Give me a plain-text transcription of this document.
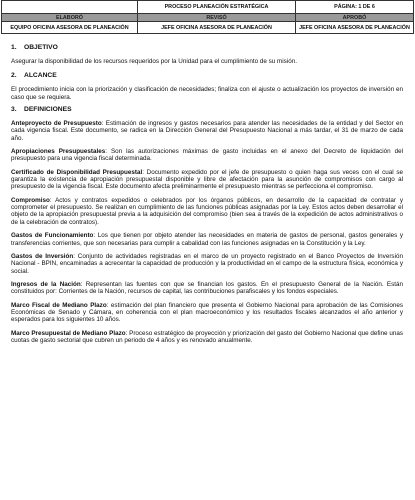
	PROCESO PLANEACIÓN ESTRATÉGICA	PÁGINA: 1 DE 6
ELABORÓ	REVISÓ	APROBÓ
EQUIPO OFICINA ASESORA DE PLANEACIÓN	JEFE OFICINA ASESORA DE PLANEACIÓN	JEFE OFICINA ASESORA DE PLANEACIÓN

1. OBJETIVO

Asegurar la disponibilidad de los recursos requeridos por la Unidad para el cumplimiento de su misión.

2. ALCANCE

El procedimiento inicia con la priorización y clasificación de necesidades; finaliza con el ajuste o actualización los proyectos de inversión en caso que se requiera.

3. DEFINICIONES

Anteproyecto de Presupuesto: Estimación de ingresos y gastos necesarios para atender las necesidades de la entidad y del Sector en cada vigencia fiscal. Este documento, se radica en la Dirección General del Presupuesto Nacional a más tardar, el 31 de marzo de cada año.

Apropiaciones Presupuestales: Son las autorizaciones máximas de gasto incluidas en el anexo del Decreto de liquidación del presupuesto para una vigencia fiscal determinada.

Certificado de Disponibilidad Presupuestal: Documento expedido por el jefe de presupuesto o quien haga sus veces con el cual se garantiza la existencia de apropiación presupuestal disponible y libre de afectación para la asunción de compromisos con cargo al presupuesto de la vigencia fiscal. Este documento afecta preliminarmente el presupuesto mientras se perfecciona el compromiso.

Compromiso: Actos y contratos expedidos o celebrados por los órganos públicos, en desarrollo de la capacidad de contratar y comprometer el presupuesto. Se realizan en cumplimiento de las funciones públicas asignadas por la Ley. Estos actos deben desarrollar el objeto de la apropiación presupuestal previa a la adquisición del compromiso (bien sea a través de la expedición de actos administrativos o de la celebración de contratos).

Gastos de Funcionamiento: Los que tienen por objeto atender las necesidades en materia de gastos de personal, gastos generales y transferencias corrientes, que son necesarias para cumplir a cabalidad con las funciones asignadas en la Constitución y la Ley.

Gastos de Inversión: Conjunto de actividades registradas en el marco de un proyecto registrado en el Banco Proyectos de Inversión Nacional - BPIN, encaminadas a acrecentar la capacidad de producción y la productividad en el campo de la estructura física, económica y social.

Ingresos de la Nación: Representan las fuentes con que se financian los gastos. En el presupuesto General de la Nación. Están constituidos por: Corrientes de la Nación, recursos de capital, las contribuciones parafiscales y los fondos especiales.

Marco Fiscal de Mediano Plazo: estimación del plan financiero que presenta el Gobierno Nacional para aprobación de las Comisiones Económicas de Senado y Cámara, en coherencia con el plan macroeconómico y los resultados fiscales alcanzados el año anterior y esperados para los siguientes 10 años.

Marco Presupuestal de Mediano Plazo: Proceso estratégico de proyección y priorización del gasto del Gobierno Nacional que define unas cuotas de gasto sectorial que cubren un periodo de 4 años y es renovado anualmente.
